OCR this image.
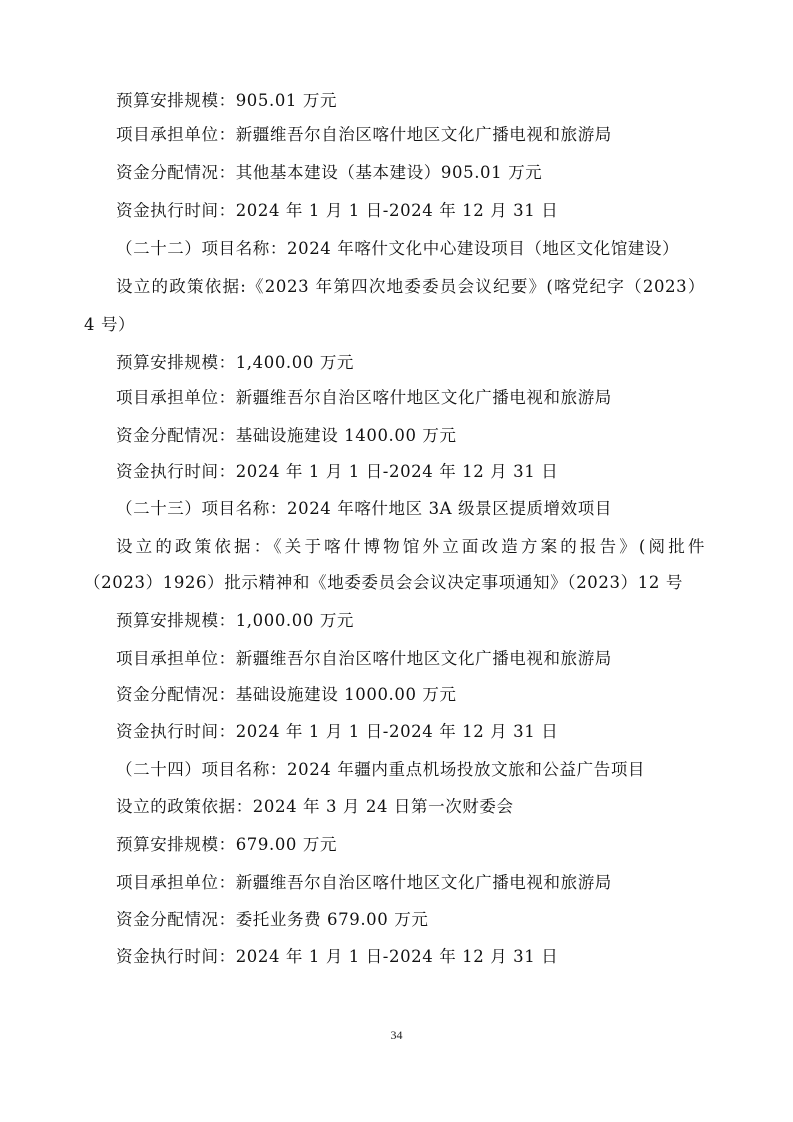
预算安排规模：905.01 万元
项目承担单位：新疆维吾尔自治区喀什地区文化广播电视和旅游局
资金分配情况：其他基本建设（基本建设）905.01 万元
资金执行时间：2024 年 1 月 1 日-2024 年 12 月 31 日
（二十二）项目名称：2024 年喀什文化中心建设项目（地区文化馆建设）
设立的政策依据:《2023 年第四次地委委员会议纪要》(喀党纪字（2023）
4 号）
预算安排规模：1,400.00 万元
项目承担单位：新疆维吾尔自治区喀什地区文化广播电视和旅游局
资金分配情况：基础设施建设 1400.00 万元
资金执行时间：2024 年 1 月 1 日-2024 年 12 月 31 日
（二十三）项目名称：2024 年喀什地区 3A 级景区提质增效项目
设立的政策依据：《关于喀什博物馆外立面改造方案的报告》(阅批件
（2023）1926）批示精神和《地委委员会会议决定事项通知》（2023）12 号
预算安排规模：1,000.00 万元
项目承担单位：新疆维吾尔自治区喀什地区文化广播电视和旅游局
资金分配情况：基础设施建设 1000.00 万元
资金执行时间：2024 年 1 月 1 日-2024 年 12 月 31 日
（二十四）项目名称：2024 年疆内重点机场投放文旅和公益广告项目
设立的政策依据：2024 年 3 月 24 日第一次财委会
预算安排规模：679.00 万元
项目承担单位：新疆维吾尔自治区喀什地区文化广播电视和旅游局
资金分配情况：委托业务费 679.00 万元
资金执行时间：2024 年 1 月 1 日-2024 年 12 月 31 日
34
